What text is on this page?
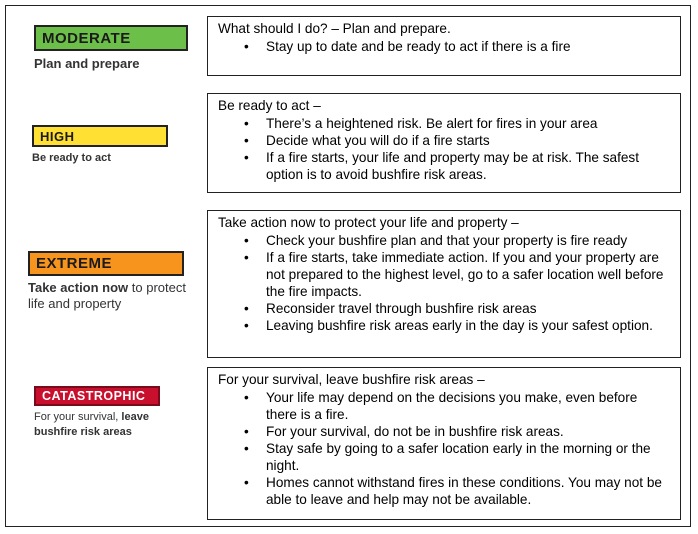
MODERATE
Plan and prepare
What should I do? – Plan and prepare.
• Stay up to date and be ready to act if there is a fire
HIGH
Be ready to act
Be ready to act –
• There’s a heightened risk. Be alert for fires in your area
• Decide what you will do if a fire starts
• If a fire starts, your life and property may be at risk. The safest option is to avoid bushfire risk areas.
EXTREME
Take action now to protect life and property
Take action now to protect your life and property –
• Check your bushfire plan and that your property is fire ready
• If a fire starts, take immediate action. If you and your property are not prepared to the highest level, go to a safer location well before the fire impacts.
• Reconsider travel through bushfire risk areas
• Leaving bushfire risk areas early in the day is your safest option.
CATASTROPHIC
For your survival, leave bushfire risk areas
For your survival, leave bushfire risk areas –
• Your life may depend on the decisions you make, even before there is a fire.
• For your survival, do not be in bushfire risk areas.
• Stay safe by going to a safer location early in the morning or the night.
• Homes cannot withstand fires in these conditions. You may not be able to leave and help may not be available.
